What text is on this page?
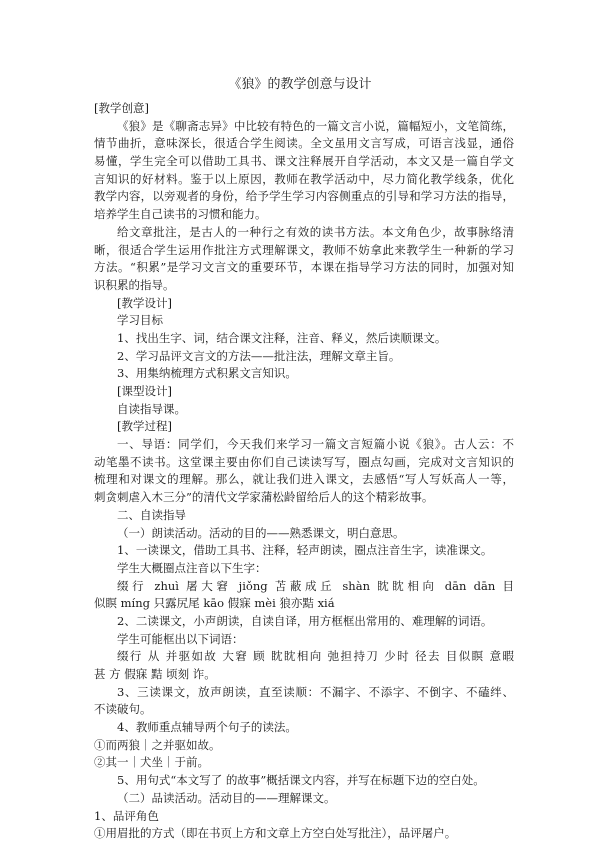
《狼》的教学创意与设计
[教学创意]
《狼》是《聊斋志异》中比较有特色的一篇文言小说，篇幅短小，文笔简练，
情节曲折，意味深长，很适合学生阅读。全文虽用文言写成，可语言浅显，通俗
易懂，学生完全可以借助工具书、课文注释展开自学活动，本文又是一篇自学文
言知识的好材料。鉴于以上原因，教师在教学活动中，尽力简化教学线条，优化
教学内容，以旁观者的身份，给予学生学习内容侧重点的引导和学习方法的指导，
培养学生自己读书的习惯和能力。
给文章批注，是古人的一种行之有效的读书方法。本文角色少，故事脉络清
晰，很适合学生运用作批注方式理解课文，教师不妨拿此来教学生一种新的学习
方法。“积累”是学习文言文的重要环节，本课在指导学习方法的同时，加强对知
识积累的指导。
[教学设计]
学习目标
1、找出生字、词，结合课文注释，注音、释义，然后读顺课文。
2、学习品评文言文的方法——批注法，理解文章主旨。
3、用集纳梳理方式积累文言知识。
[课型设计]
自读指导课。
[教学过程]
一、导语：同学们，今天我们来学习一篇文言短篇小说《狼》。古人云：不
动笔墨不读书。这堂课主要由你们自己读读写写，圈点勾画，完成对文言知识的
梳理和对课文的理解。那么，就让我们进入课文，去感悟“写人写妖高人一等，
刺贪刺虐入木三分”的清代文学家蒲松龄留给后人的这个精彩故事。
二、自读指导
（一）朗读活动。活动的目的——熟悉课文，明白意思。
1、一读课文，借助工具书、注释，轻声朗读，圈点注音生字，读准课文。
学生大概圈点注音以下生字：
缀行 zhuì 屠大窘 jiǒng 苫蔽成丘 shàn 眈眈相向 dān dān 目
似瞑 míng 只露尻尾 kāo 假寐 mèi 狼亦黠 xiá
2、二读课文，小声朗读，自读自译，用方框框出常用的、难理解的词语。
学生可能框出以下词语：
缀行 从 并驱如故 大窘 顾 眈眈相向 弛担持刀 少时 径去 目似瞑 意暇
甚 方 假寐 黠 顷刻 诈。
3、三读课文，放声朗读，直至读顺：不漏字、不添字、不倒字、不磕绊、
不读破句。
4、教师重点辅导两个句子的读法。
①而两狼｜之并驱如故。
②其一｜犬坐｜于前。
5、用句式“本文写了 的故事”概括课文内容，并写在标题下边的空白处。
（二）品读活动。活动目的——理解课文。
1、品评角色
①用眉批的方式（即在书页上方和文章上方空白处写批注），品评屠户。
